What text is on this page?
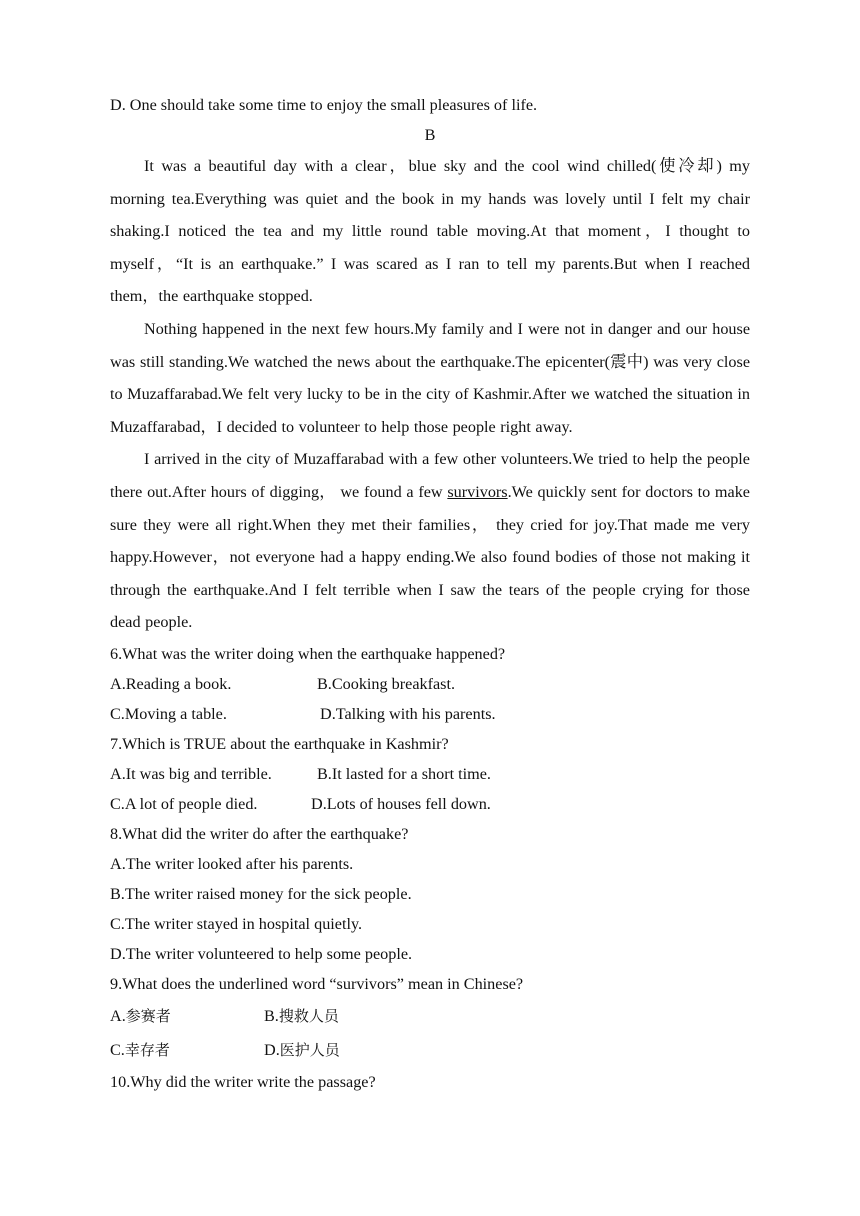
D. One should take some time to enjoy the small pleasures of life.
B

It was a beautiful day with a clear，blue sky and the cool wind chilled(使冷却) my morning tea.Everything was quiet and the book in my hands was lovely until I felt my chair shaking.I noticed the tea and my little round table moving.At that moment，I thought to myself，“It is an earthquake.” I was scared as I ran to tell my parents.But when I reached them，the earthquake stopped.

Nothing happened in the next few hours.My family and I were not in danger and our house was still standing.We watched the news about the earthquake.The epicenter(震中) was very close to Muzaffarabad.We felt very lucky to be in the city of Kashmir.After we watched the situation in Muzaffarabad，I decided to volunteer to help those people right away.

I arrived in the city of Muzaffarabad with a few other volunteers.We tried to help the people there out.After hours of digging， we found a few survivors.We quickly sent for doctors to make sure they were all right.When they met their families， they cried for joy.That made me very happy.However，not everyone had a happy ending.We also found bodies of those not making it through the earthquake.And I felt terrible when I saw the tears of the people crying for those dead people.

6.What was the writer doing when the earthquake happened?
A.Reading a book.	B.Cooking breakfast.
C.Moving a table.	D.Talking with his parents.
7.Which is TRUE about the earthquake in Kashmir?
A.It was big and terrible.	B.It lasted for a short time.
C.A lot of people died.	D.Lots of houses fell down.
8.What did the writer do after the earthquake?
A.The writer looked after his parents.
B.The writer raised money for the sick people.
C.The writer stayed in hospital quietly.
D.The writer volunteered to help some people.
9.What does the underlined word “survivors” mean in Chinese?
A.参赛者	B.搜救人员
C.幸存者	D.医护人员
10.Why did the writer write the passage?
